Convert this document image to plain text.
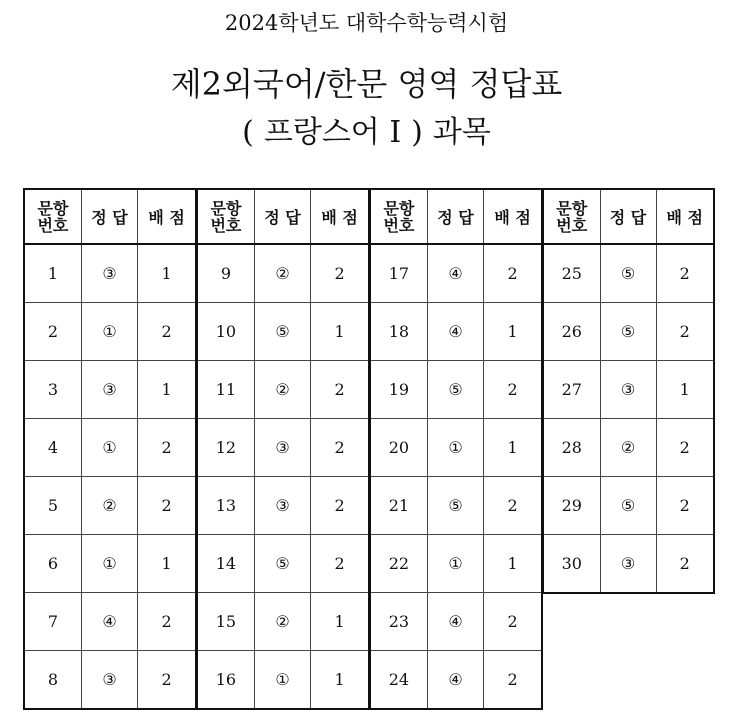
2024학년도 대학수학능력시험
제2외국어/한문 영역 정답표
( 프랑스어 Ⅰ ) 과목
문항
번호	정 답	배 점
1	③	1
2	①	2
3	③	1
4	①	2
5	②	2
6	①	1
7	④	2
8	③	2
문항
번호	정 답	배 점
9	②	2
10	⑤	1
11	②	2
12	③	2
13	③	2
14	⑤	2
15	②	1
16	①	1
문항
번호	정 답	배 점
17	④	2
18	④	1
19	⑤	2
20	①	1
21	⑤	2
22	①	1
23	④	2
24	④	2
문항
번호	정 답	배 점
25	⑤	2
26	⑤	2
27	③	1
28	②	2
29	⑤	2
30	③	2
